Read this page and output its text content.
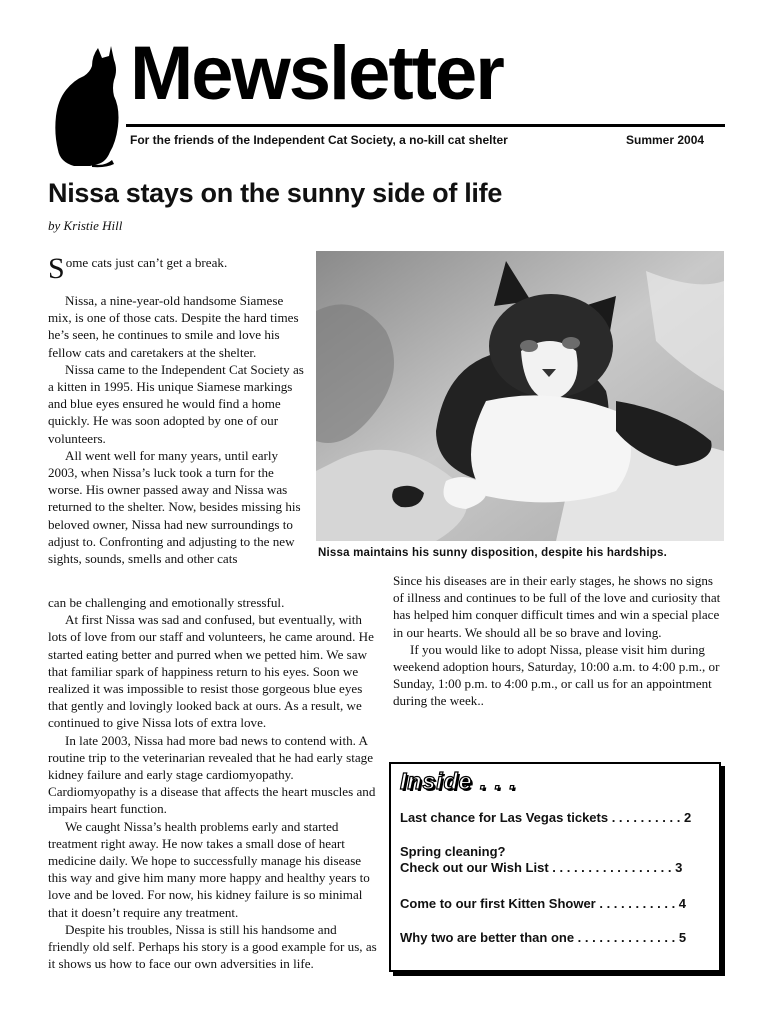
Mewsletter
For the friends of the Independent Cat Society, a no-kill cat shelter	Summer 2004
Nissa stays on the sunny side of life
by Kristie Hill

Some cats just can’t get a break.

Nissa, a nine-year-old handsome Siamese mix, is one of those cats. Despite the hard times he’s seen, he continues to smile and love his fellow cats and caretakers at the shelter.

Nissa came to the Independent Cat Society as a kitten in 1995. His unique Siamese markings and blue eyes ensured he would find a home quickly. He was soon adopted by one of our volunteers.

All went well for many years, until early 2003, when Nissa’s luck took a turn for the worse. His owner passed away and Nissa was returned to the shelter. Now, besides missing his beloved owner, Nissa had new surroundings to adjust to. Confronting and adjusting to the new sights, sounds, smells and other cats

can be challenging and emotionally stressful.

At first Nissa was sad and confused, but eventually, with lots of love from our staff and volunteers, he came around. He started eating better and purred when we petted him. We saw that familiar spark of happiness return to his eyes. Soon we realized it was impossible to resist those gorgeous blue eyes that gently and lovingly looked back at ours. As a result, we continued to give Nissa lots of extra love.

In late 2003, Nissa had more bad news to contend with. A routine trip to the veterinarian revealed that he had early stage kidney failure and early stage cardiomyopathy. Cardiomyopathy is a disease that affects the heart muscles and impairs heart function.

We caught Nissa’s health problems early and started treatment right away. He now takes a small dose of heart medicine daily. We hope to successfully manage his disease this way and give him many more happy and healthy years to love and be loved. For now, his kidney failure is so minimal that it doesn’t require any treatment.

Despite his troubles, Nissa is still his handsome and friendly old self. Perhaps his story is a good example for us, as it shows us how to face our own adversities in life.

Nissa maintains his sunny disposition, despite his hardships.

Since his diseases are in their early stages, he shows no signs of illness and continues to be full of the love and curiosity that has helped him conquer difficult times and win a special place in our hearts. We should all be so brave and loving.

If you would like to adopt Nissa, please visit him during weekend adoption hours, Saturday, 10:00 a.m. to 4:00 p.m., or Sunday, 1:00 p.m. to 4:00 p.m., or call us for an appointment during the week..

Inside . . .
Last chance for Las Vegas tickets . . . . . . . . . . 2
Spring cleaning?
Check out our Wish List . . . . . . . . . . . . . . . . . 3
Come to our first Kitten Shower . . . . . . . . . . . 4
Why two are better than one . . . . . . . . . . . . . . 5
